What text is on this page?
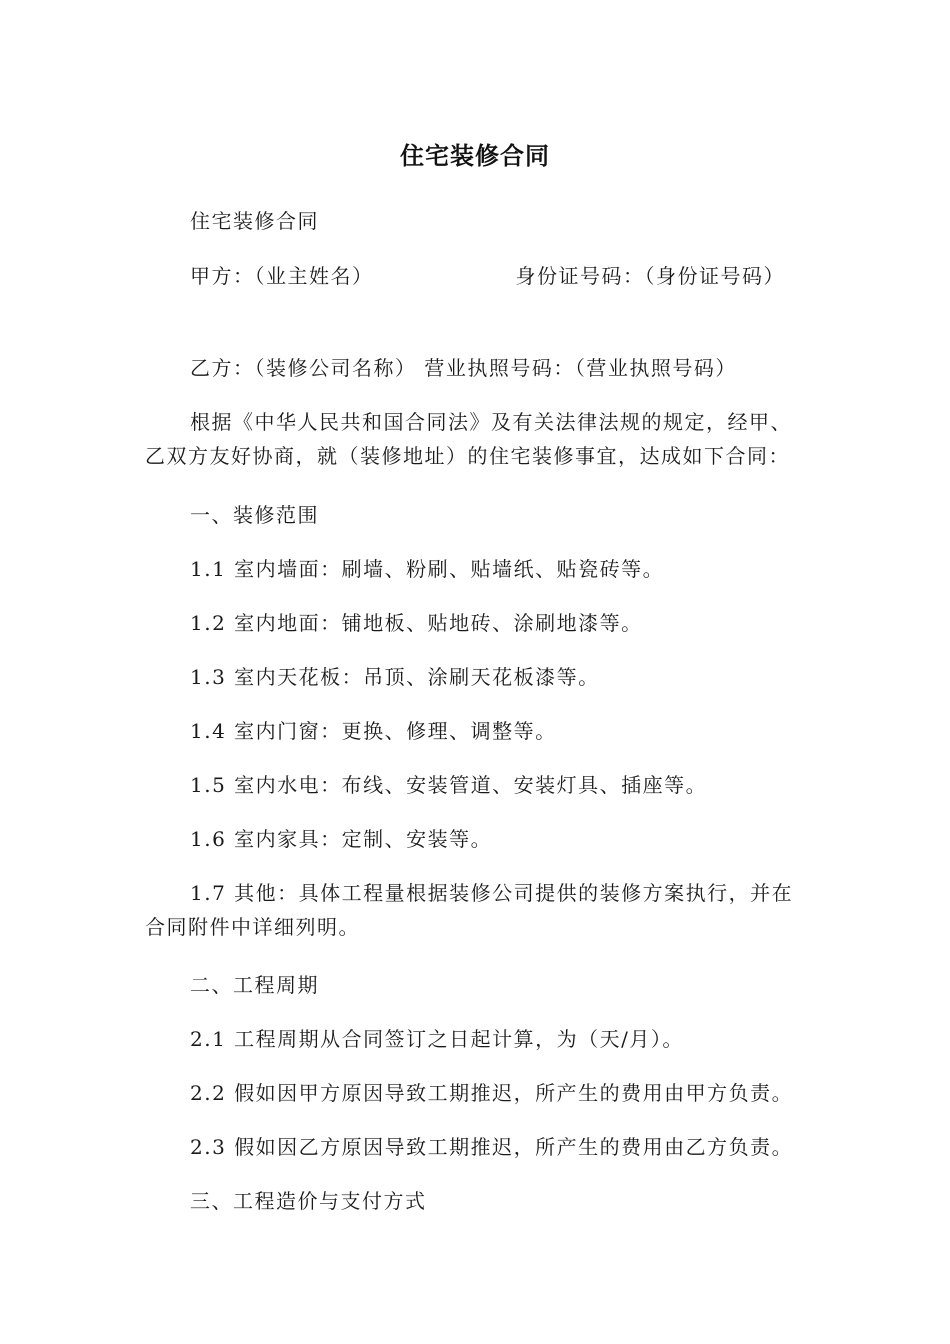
住宅装修合同
住宅装修合同
甲方：（业主姓名）	身份证号码：（身份证号码）
乙方：（装修公司名称） 营业执照号码：（营业执照号码）
根据《中华人民共和国合同法》及有关法律法规的规定，经甲、乙双方友好协商，就（装修地址）的住宅装修事宜，达成如下合同：
一、装修范围
1.1 室内墙面：刷墙、粉刷、贴墙纸、贴瓷砖等。
1.2 室内地面：铺地板、贴地砖、涂刷地漆等。
1.3 室内天花板：吊顶、涂刷天花板漆等。
1.4 室内门窗：更换、修理、调整等。
1.5 室内水电：布线、安装管道、安装灯具、插座等。
1.6 室内家具：定制、安装等。
1.7 其他：具体工程量根据装修公司提供的装修方案执行，并在合同附件中详细列明。
二、工程周期
2.1 工程周期从合同签订之日起计算，为（天/月）。
2.2 假如因甲方原因导致工期推迟，所产生的费用由甲方负责。
2.3 假如因乙方原因导致工期推迟，所产生的费用由乙方负责。
三、工程造价与支付方式
